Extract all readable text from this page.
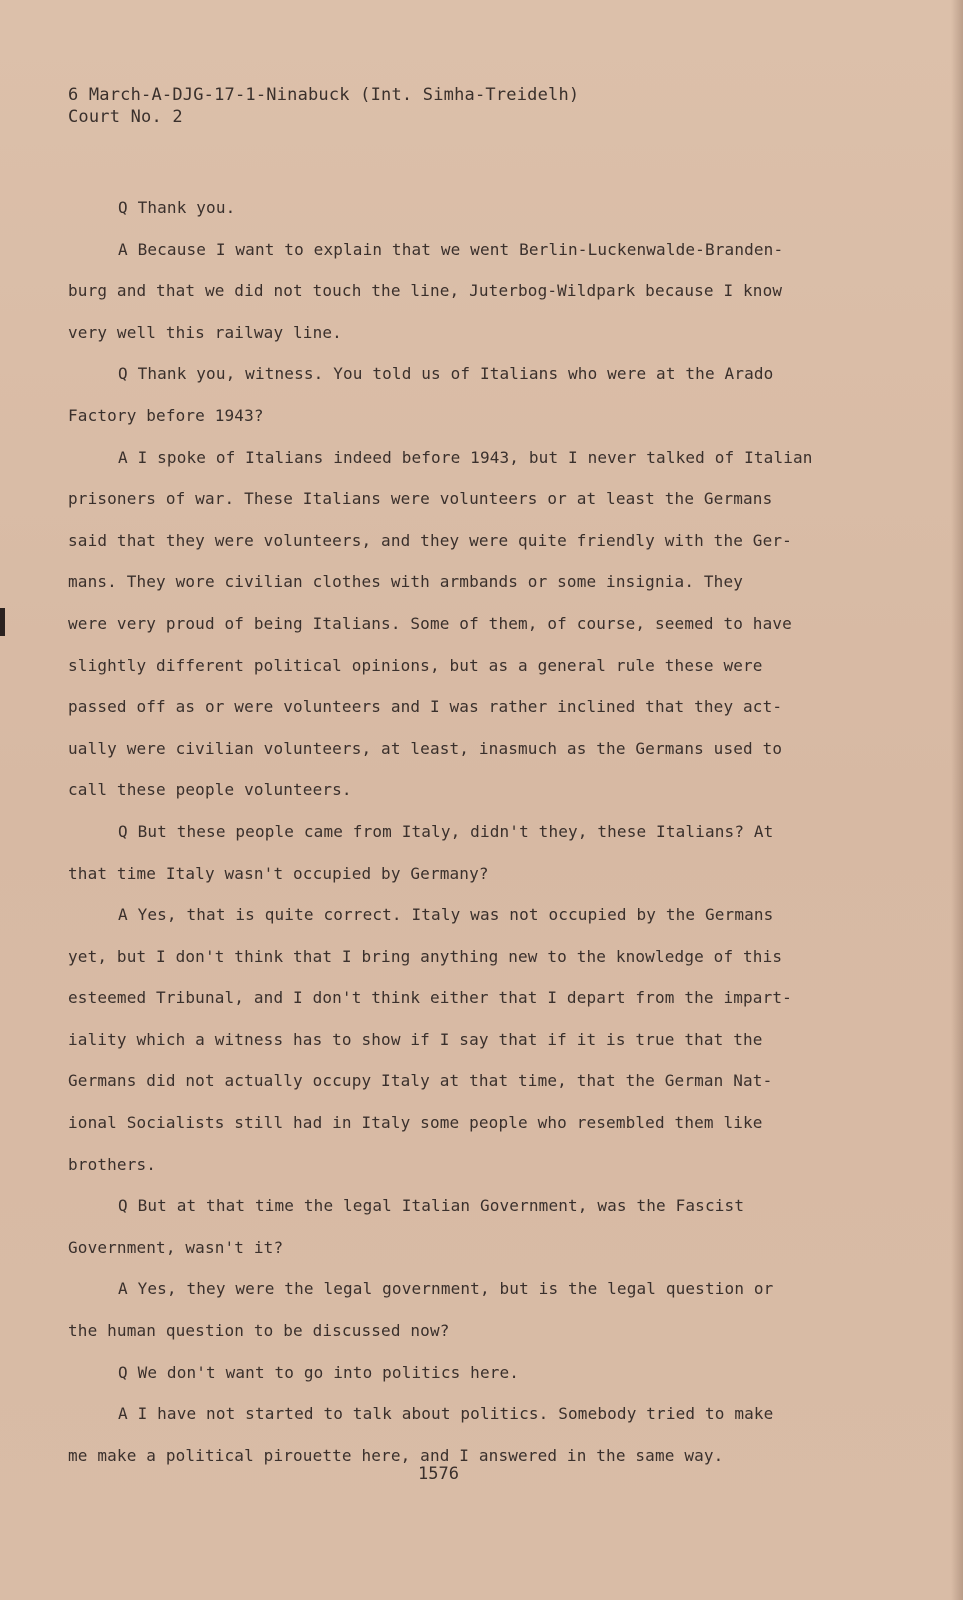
6 March-A-DJG-17-1-Ninabuck (Int. Simha-Treidelh)
Court No. 2
Q Thank you.
A Because I want to explain that we went Berlin-Luckenwalde-Branden-
burg and that we did not touch the line, Juterbog-Wildpark because I know
very well this railway line.
Q Thank you, witness. You told us of Italians who were at the Arado
Factory before 1943?
A I spoke of Italians indeed before 1943, but I never talked of Italian
prisoners of war. These Italians were volunteers or at least the Germans
said that they were volunteers, and they were quite friendly with the Ger-
mans. They wore civilian clothes with armbands or some insignia. They
were very proud of being Italians. Some of them, of course, seemed to have
slightly different political opinions, but as a general rule these were
passed off as or were volunteers and I was rather inclined that they act-
ually were civilian volunteers, at least, inasmuch as the Germans used to
call these people volunteers.
Q But these people came from Italy, didn't they, these Italians? At
that time Italy wasn't occupied by Germany?
A Yes, that is quite correct. Italy was not occupied by the Germans
yet, but I don't think that I bring anything new to the knowledge of this
esteemed Tribunal, and I don't think either that I depart from the impart-
iality which a witness has to show if I say that if it is true that the
Germans did not actually occupy Italy at that time, that the German Nat-
ional Socialists still had in Italy some people who resembled them like
brothers.
Q But at that time the legal Italian Government, was the Fascist
Government, wasn't it?
A Yes, they were the legal government, but is the legal question or
the human question to be discussed now?
Q We don't want to go into politics here.
A I have not started to talk about politics. Somebody tried to make
me make a political pirouette here, and I answered in the same way.
1576
